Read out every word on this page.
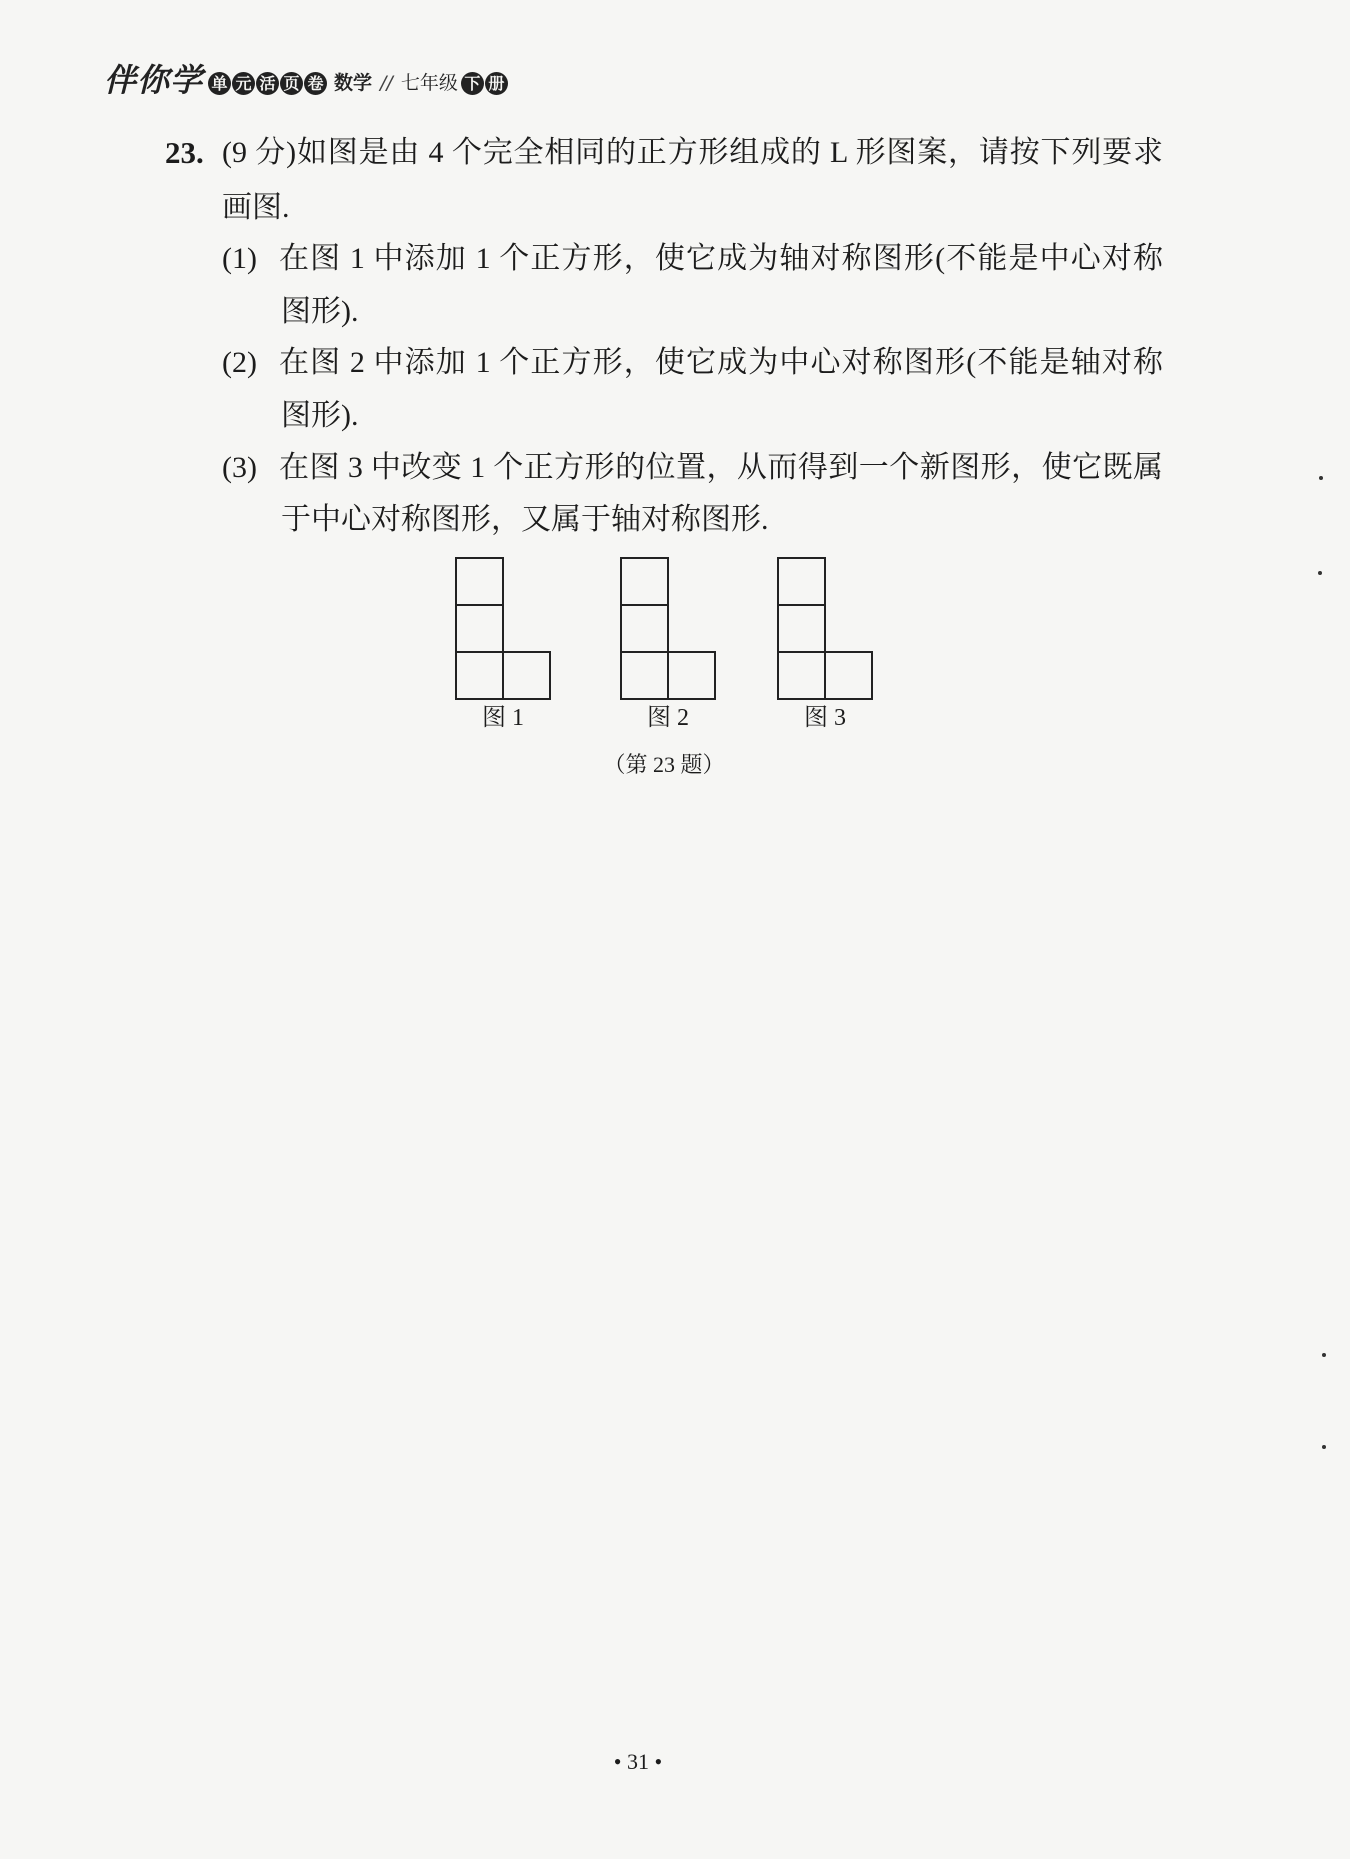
伴你学 单 元 活 页 卷 数学 // 七年级 下 册
23. (9 分)如图是由 4 个完全相同的正方形组成的 L 形图案，请按下列要求
画图.
(1) 在图 1 中添加 1 个正方形，使它成为轴对称图形(不能是中心对称
图形).
(2) 在图 2 中添加 1 个正方形，使它成为中心对称图形(不能是轴对称
图形).
(3) 在图 3 中改变 1 个正方形的位置，从而得到一个新图形，使它既属
于中心对称图形，又属于轴对称图形.
图 1	图 2	图 3
（第 23 题）
• 31 •
